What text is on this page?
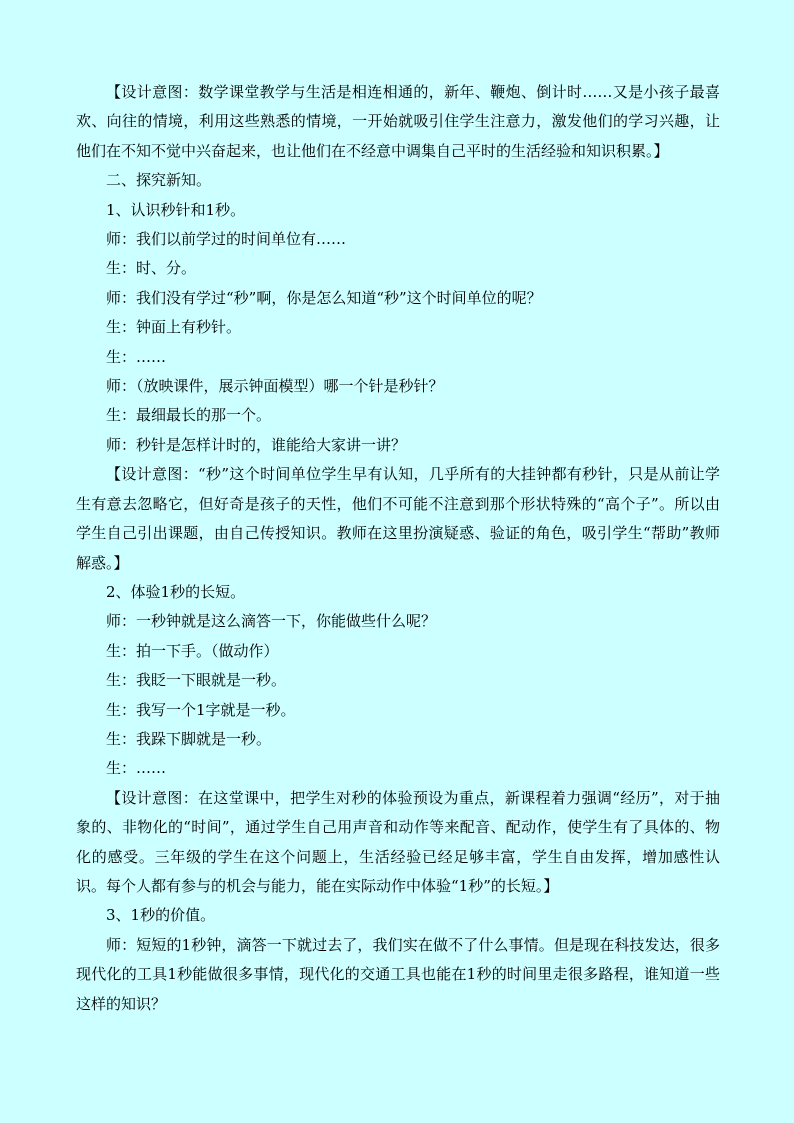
【设计意图：数学课堂教学与生活是相连相通的，新年、鞭炮、倒计时……又是小孩子最喜欢、向往的情境，利用这些熟悉的情境，一开始就吸引住学生注意力，激发他们的学习兴趣，让他们在不知不觉中兴奋起来，也让他们在不经意中调集自己平时的生活经验和知识积累。】

二、探究新知。

1、认识秒针和1秒。

师：我们以前学过的时间单位有……

生：时、分。

师：我们没有学过“秒”啊，你是怎么知道“秒”这个时间单位的呢？

生：钟面上有秒针。

生：……

师：（放映课件，展示钟面模型）哪一个针是秒针？

生：最细最长的那一个。

师：秒针是怎样计时的，谁能给大家讲一讲？

【设计意图：“秒”这个时间单位学生早有认知，几乎所有的大挂钟都有秒针，只是从前让学生有意去忽略它，但好奇是孩子的天性，他们不可能不注意到那个形状特殊的“高个子”。所以由学生自己引出课题，由自己传授知识。教师在这里扮演疑惑、验证的角色，吸引学生“帮助”教师解惑。】

2、体验1秒的长短。

师：一秒钟就是这么滴答一下，你能做些什么呢？

生：拍一下手。（做动作）

生：我眨一下眼就是一秒。

生：我写一个1字就是一秒。

生：我跺下脚就是一秒。

生：……

【设计意图：在这堂课中，把学生对秒的体验预设为重点，新课程着力强调“经历”，对于抽象的、非物化的“时间”，通过学生自己用声音和动作等来配音、配动作，使学生有了具体的、物化的感受。三年级的学生在这个问题上，生活经验已经足够丰富，学生自由发挥，增加感性认识。每个人都有参与的机会与能力，能在实际动作中体验“1秒”的长短。】

3、1秒的价值。

师：短短的1秒钟，滴答一下就过去了，我们实在做不了什么事情。但是现在科技发达，很多现代化的工具1秒能做很多事情，现代化的交通工具也能在1秒的时间里走很多路程，谁知道一些这样的知识？
